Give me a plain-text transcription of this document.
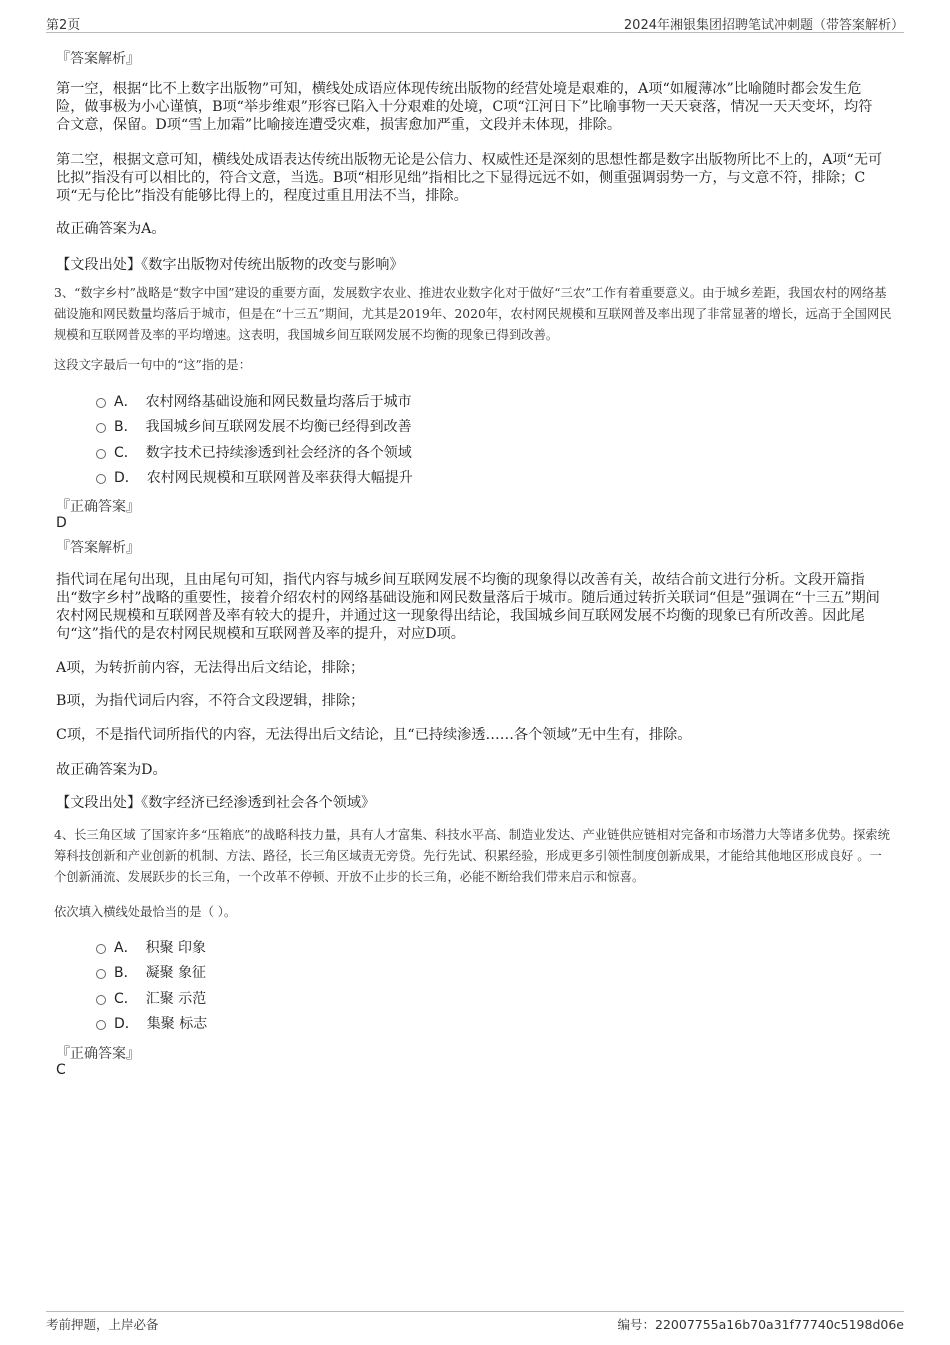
第2页	2024年湘银集团招聘笔试冲刺题（带答案解析）
『答案解析』
第一空，根据“比不上数字出版物”可知，横线处成语应体现传统出版物的经营处境是艰难的，A项“如履薄冰”比喻随时都会发生危险，做事极为小心谨慎，B项“举步维艰”形容已陷入十分艰难的处境，C项“江河日下”比喻事物一天天衰落，情况一天天变坏，均符合文意，保留。D项“雪上加霜”比喻接连遭受灾难，损害愈加严重，文段并未体现，排除。
第二空，根据文意可知，横线处成语表达传统出版物无论是公信力、权威性还是深刻的思想性都是数字出版物所比不上的，A项“无可比拟”指没有可以相比的，符合文意，当选。B项“相形见绌”指相比之下显得远远不如，侧重强调弱势一方，与文意不符，排除；C项“无与伦比”指没有能够比得上的，程度过重且用法不当，排除。
故正确答案为A。
【文段出处】《数字出版物对传统出版物的改变与影响》
3、“数字乡村”战略是“数字中国”建设的重要方面，发展数字农业、推进农业数字化对于做好“三农”工作有着重要意义。由于城乡差距，我国农村的网络基础设施和网民数量均落后于城市，但是在“十三五”期间，尤其是2019年、2020年，农村网民规模和互联网普及率出现了非常显著的增长，远高于全国网民规模和互联网普及率的平均增速。这表明，我国城乡间互联网发展不均衡的现象已得到改善。
这段文字最后一句中的“这”指的是：
A． 农村网络基础设施和网民数量均落后于城市
B． 我国城乡间互联网发展不均衡已经得到改善
C． 数字技术已持续渗透到社会经济的各个领域
D． 农村网民规模和互联网普及率获得大幅提升
『正确答案』
D
『答案解析』
指代词在尾句出现，且由尾句可知，指代内容与城乡间互联网发展不均衡的现象得以改善有关，故结合前文进行分析。文段开篇指出“数字乡村”战略的重要性，接着介绍农村的网络基础设施和网民数量落后于城市。随后通过转折关联词“但是”强调在“十三五”期间农村网民规模和互联网普及率有较大的提升，并通过这一现象得出结论，我国城乡间互联网发展不均衡的现象已有所改善。因此尾句“这”指代的是农村网民规模和互联网普及率的提升，对应D项。
A项，为转折前内容，无法得出后文结论，排除；
B项，为指代词后内容，不符合文段逻辑，排除；
C项，不是指代词所指代的内容，无法得出后文结论，且“已持续渗透……各个领域”无中生有，排除。
故正确答案为D。
【文段出处】《数字经济已经渗透到社会各个领域》
4、长三角区域 了国家许多“压箱底”的战略科技力量，具有人才富集、科技水平高、制造业发达、产业链供应链相对完备和市场潜力大等诸多优势。探索统筹科技创新和产业创新的机制、方法、路径，长三角区域责无旁贷。先行先试、积累经验，形成更多引领性制度创新成果，才能给其他地区形成良好 。一个创新涌流、发展跃步的长三角，一个改革不停顿、开放不止步的长三角，必能不断给我们带来启示和惊喜。
依次填入横线处最恰当的是（ ）。
A． 积聚 印象
B． 凝聚 象征
C． 汇聚 示范
D． 集聚 标志
『正确答案』
C
考前押题，上岸必备	编号：22007755a16b70a31f77740c5198d06e
